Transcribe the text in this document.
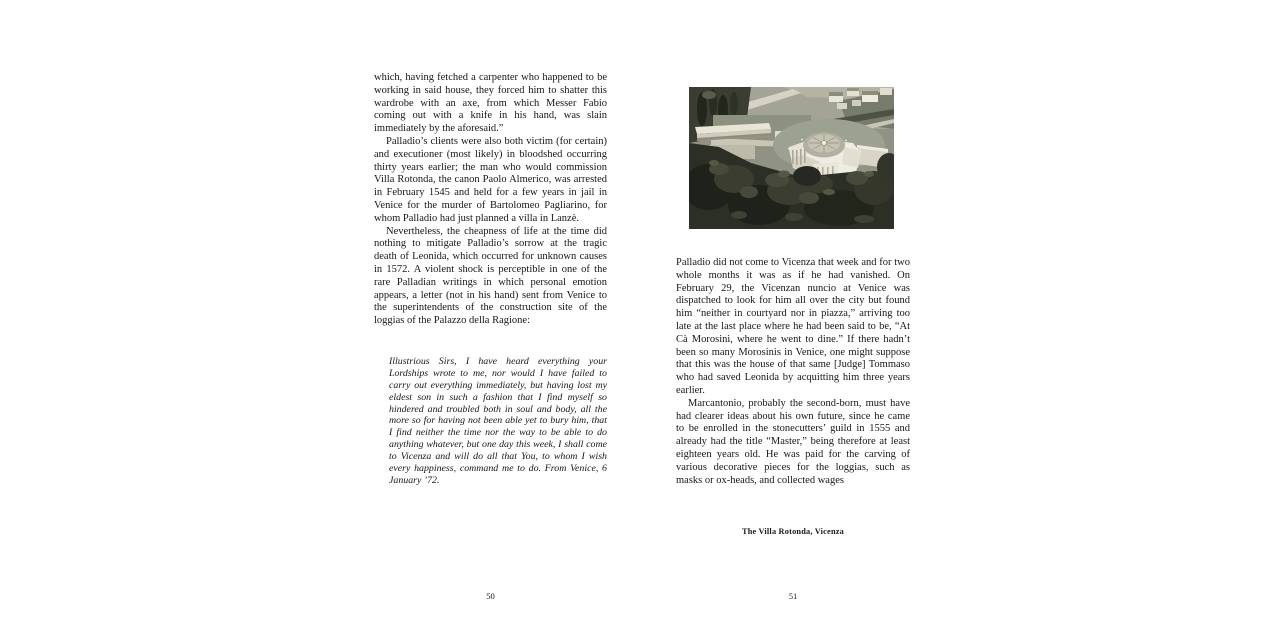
which, having fetched a carpenter who happened to be working in said house, they forced him to shatter this wardrobe with an axe, from which Messer Fabio coming out with a knife in his hand, was slain immediately by the aforesaid.”

Palladio’s clients were also both victim (for certain) and executioner (most likely) in bloodshed occurring thirty years earlier; the man who would commission Villa Rotonda, the canon Paolo Almerico, was arrested in February 1545 and held for a few years in jail in Venice for the murder of Bartolomeo Pagliarino, for whom Palladio had just planned a villa in Lanzè.

Nevertheless, the cheapness of life at the time did nothing to mitigate Palladio’s sorrow at the tragic death of Leonida, which occurred for unknown causes in 1572. A violent shock is perceptible in one of the rare Palladian writings in which personal emotion appears, a letter (not in his hand) sent from Venice to the superintendents of the construction site of the loggias of the Palazzo della Ragione:

Illustrious Sirs, I have heard everything your Lordships wrote to me, nor would I have failed to carry out everything immediately, but having lost my eldest son in such a fashion that I find myself so hindered and troubled both in soul and body, all the more so for having not been able yet to bury him, that I find neither the time nor the way to be able to do anything whatever, but one day this week, I shall come to Vicenza and will do all that You, to whom I wish every happiness, command me to do. From Venice, 6 January ’72.

Palladio did not come to Vicenza that week and for two whole months it was as if he had vanished. On February 29, the Vicenzan nuncio at Venice was dispatched to look for him all over the city but found him “neither in courtyard nor in piazza,” arriving too late at the last place where he had been said to be, “At Cà Morosini, where he went to dine.” If there hadn’t been so many Morosinis in Venice, one might suppose that this was the house of that same [Judge] Tommaso who had saved Leonida by acquitting him three years earlier.

Marcantonio, probably the second-born, must have had clearer ideas about his own future, since he came to be enrolled in the stonecutters’ guild in 1555 and already had the title “Master,” being therefore at least eighteen years old. He was paid for the carving of various decorative pieces for the loggias, such as masks or ox-heads, and collected wages

The Villa Rotonda, Vicenza
50	51
